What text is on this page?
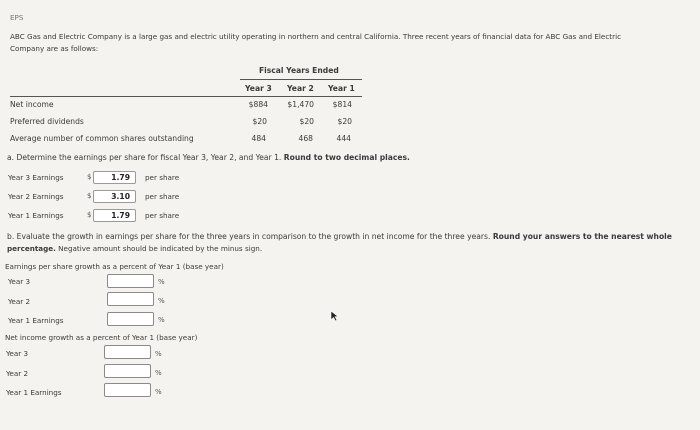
EPS
ABC Gas and Electric Company is a large gas and electric utility operating in northern and central California. Three recent years of financial data for ABC Gas and Electric
Company are as follows:
Fiscal Years Ended
Year 3 Year 2 Year 1
Net income	$884	$1,470	$814
Preferred dividends	$20	$20	$20
Average number of common shares outstanding	484	468	444
a. Determine the earnings per share for fiscal Year 3, Year 2, and Year 1. Round to two decimal places.
Year 3 Earnings	$	1.79	per share
Year 2 Earnings	$	3.10	per share
Year 1 Earnings	$	1.79	per share
b. Evaluate the growth in earnings per share for the three years in comparison to the growth in net income for the three years. Round your answers to the nearest whole
percentage. Negative amount should be indicated by the minus sign.
Earnings per share growth as a percent of Year 1 (base year)
Year 3	%
Year 2	%
Year 1 Earnings	%
Net income growth as a percent of Year 1 (base year)
Year 3	%
Year 2	%
Year 1 Earnings	%
